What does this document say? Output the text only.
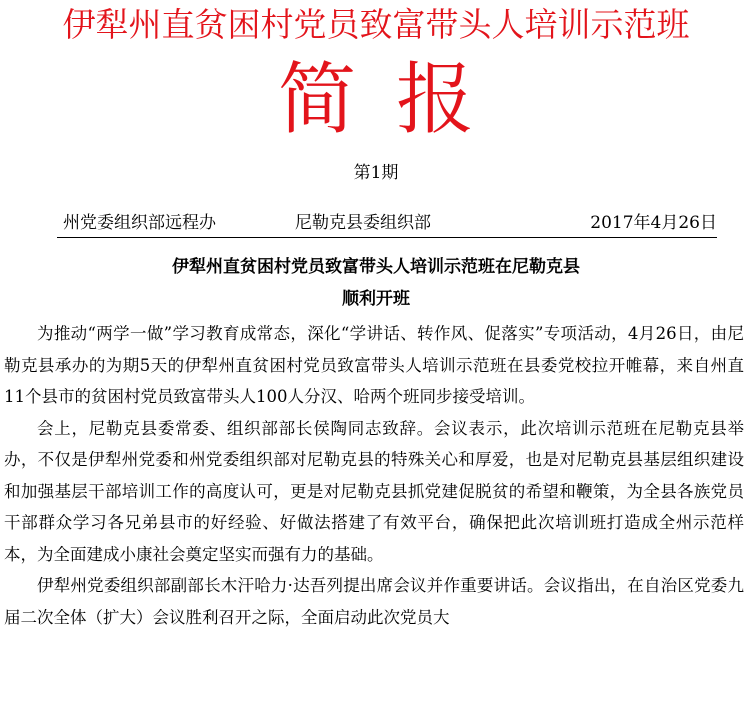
伊犁州直贫困村党员致富带头人培训示范班
简报
第1期
州党委组织部远程办	尼勒克县委组织部	2017年4月26日
伊犁州直贫困村党员致富带头人培训示范班在尼勒克县
顺利开班

为推动“两学一做”学习教育成常态，深化“学讲话、转作风、促落实”专项活动，4月26日，由尼勒克县承办的为期5天的伊犁州直贫困村党员致富带头人培训示范班在县委党校拉开帷幕，来自州直11个县市的贫困村党员致富带头人100人分汉、哈两个班同步接受培训。

会上，尼勒克县委常委、组织部部长侯陶同志致辞。会议表示，此次培训示范班在尼勒克县举办，不仅是伊犁州党委和州党委组织部对尼勒克县的特殊关心和厚爱，也是对尼勒克县基层组织建设和加强基层干部培训工作的高度认可，更是对尼勒克县抓党建促脱贫的希望和鞭策，为全县各族党员干部群众学习各兄弟县市的好经验、好做法搭建了有效平台，确保把此次培训班打造成全州示范样本，为全面建成小康社会奠定坚实而强有力的基础。

伊犁州党委组织部副部长木汗哈力·达吾列提出席会议并作重要讲话。会议指出，在自治区党委九届二次全体（扩大）会议胜利召开之际，全面启动此次党员大
